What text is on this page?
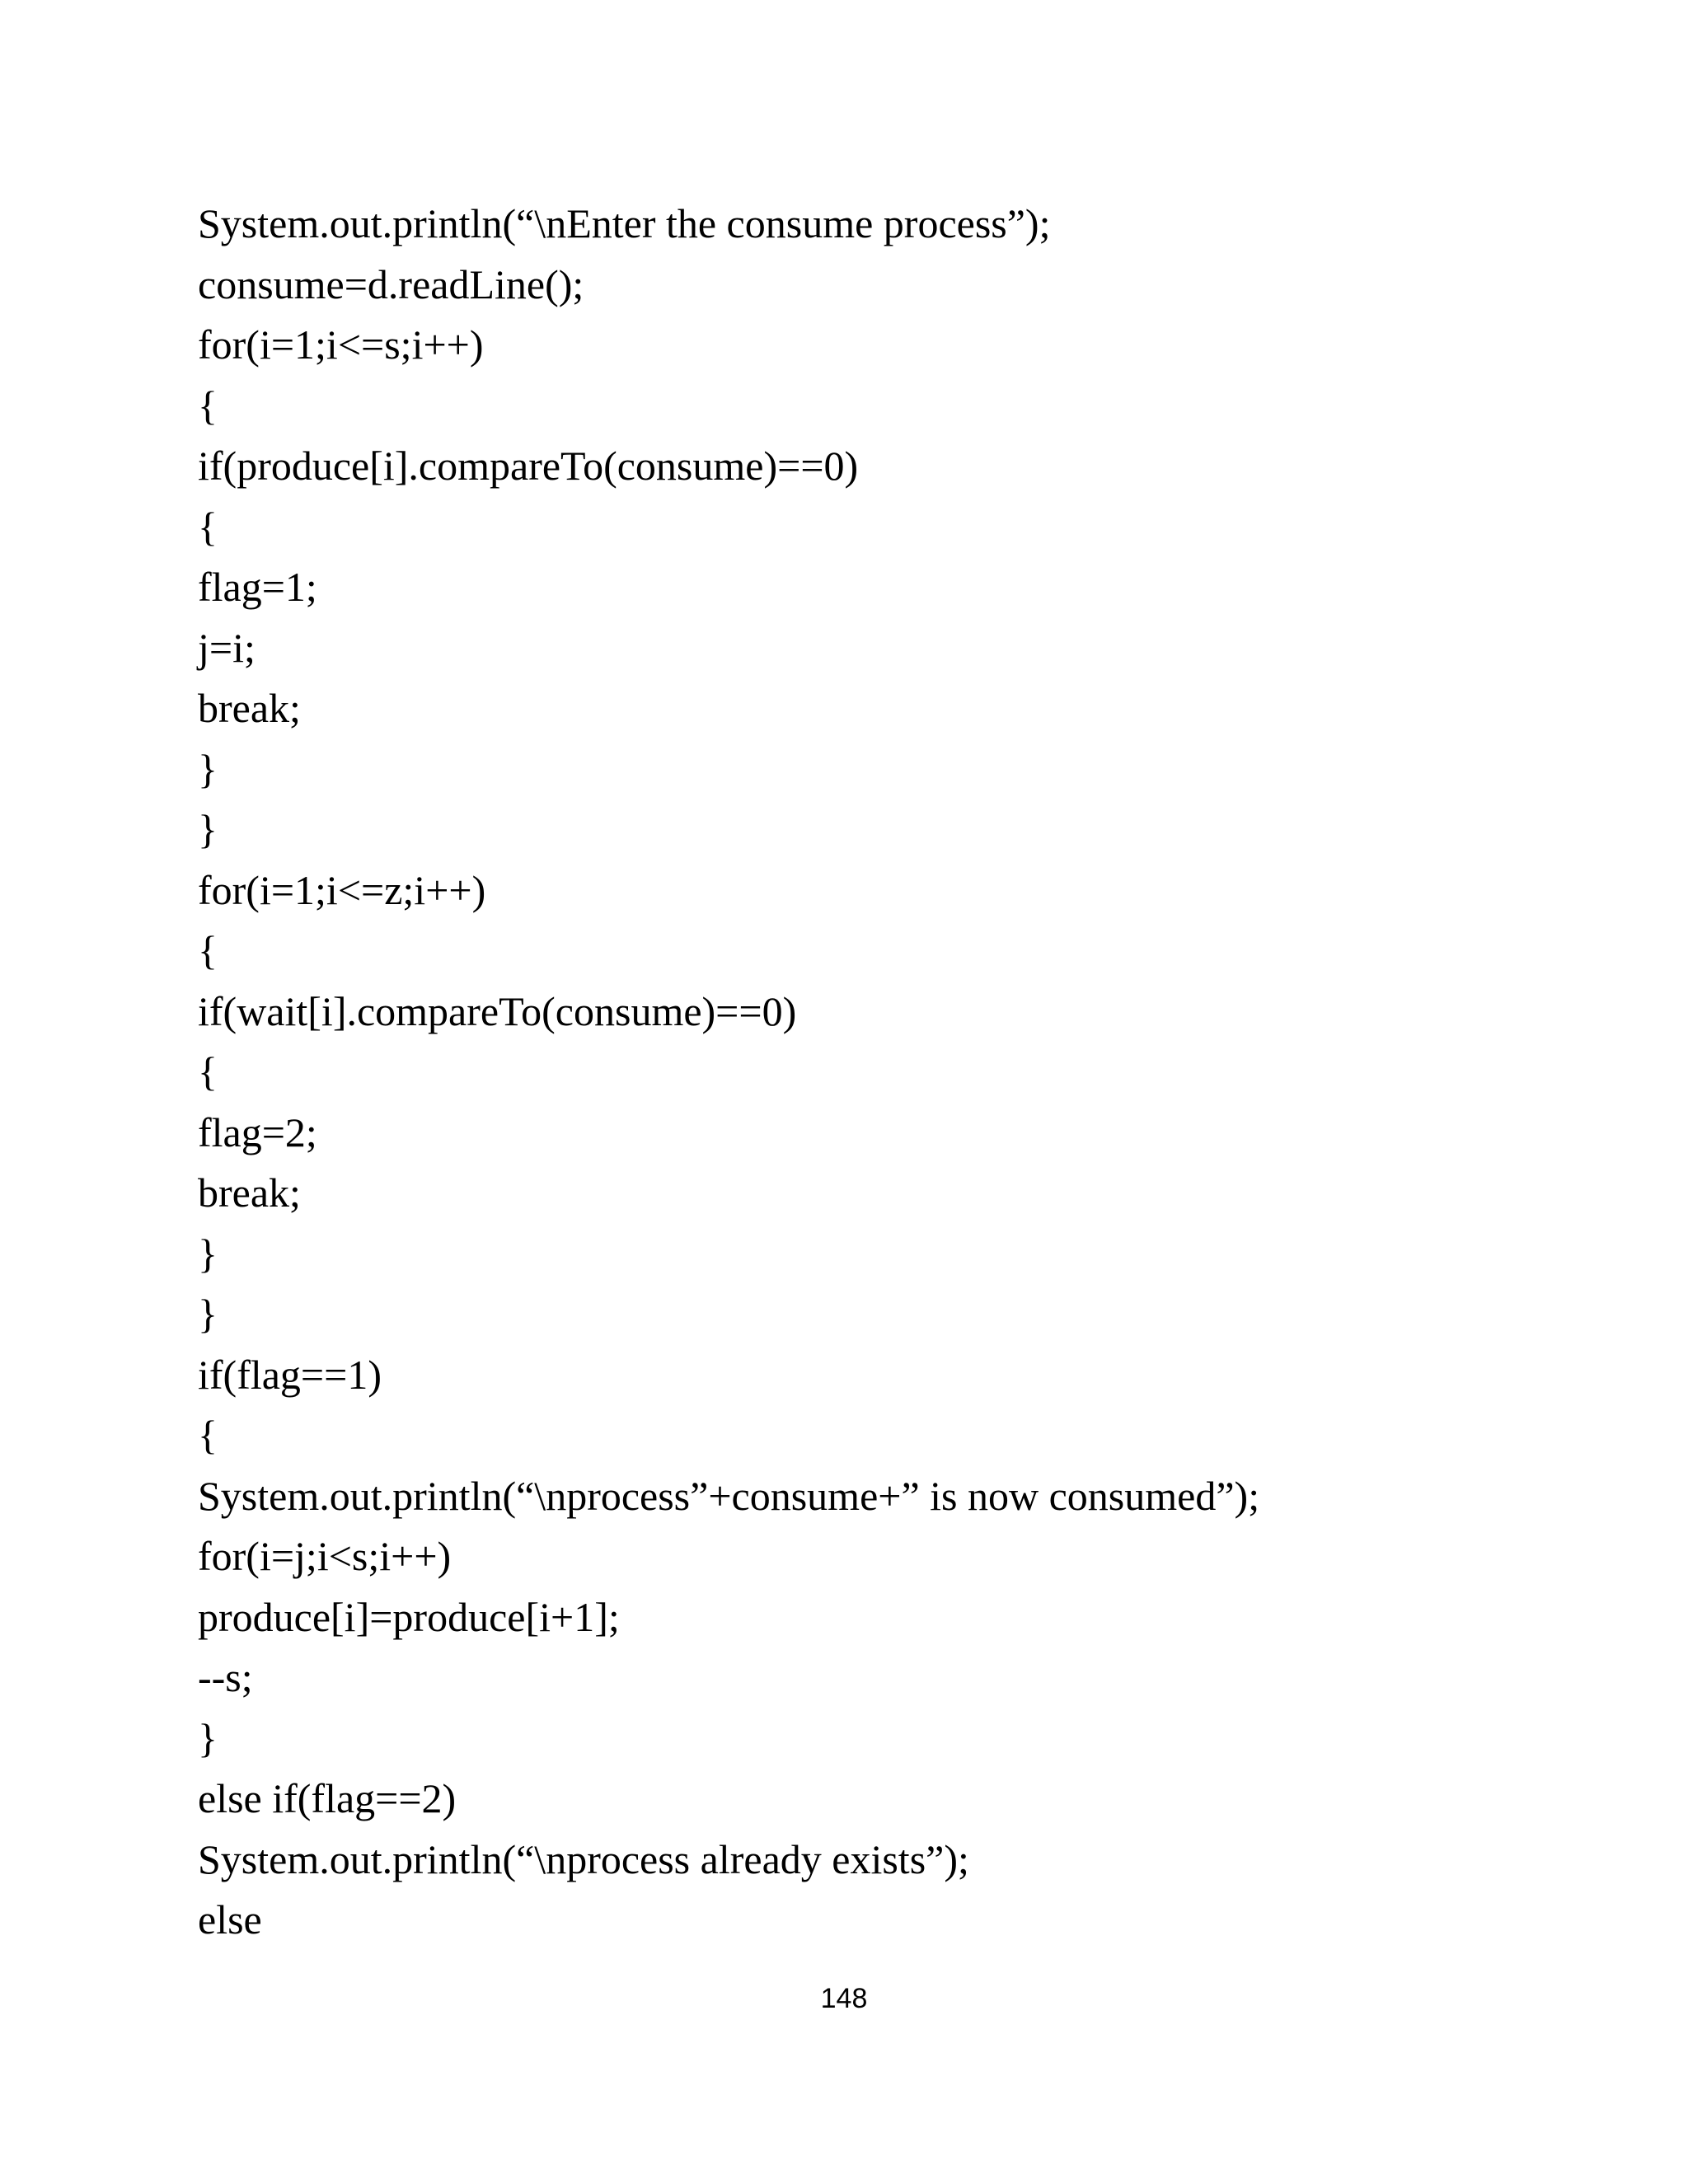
System.out.println(“\nEnter the consume process”);
consume=d.readLine();
for(i=1;i<=s;i++)
{
if(produce[i].compareTo(consume)==0)
{
flag=1;
j=i;
break;
}
}
for(i=1;i<=z;i++)
{
if(wait[i].compareTo(consume)==0)
{
flag=2;
break;
}
}
if(flag==1)
{
System.out.println(“\nprocess”+consume+” is now consumed”);
for(i=j;i<s;i++)
produce[i]=produce[i+1];
--s;
}
else if(flag==2)
System.out.println(“\nprocess already exists”);
else
148
